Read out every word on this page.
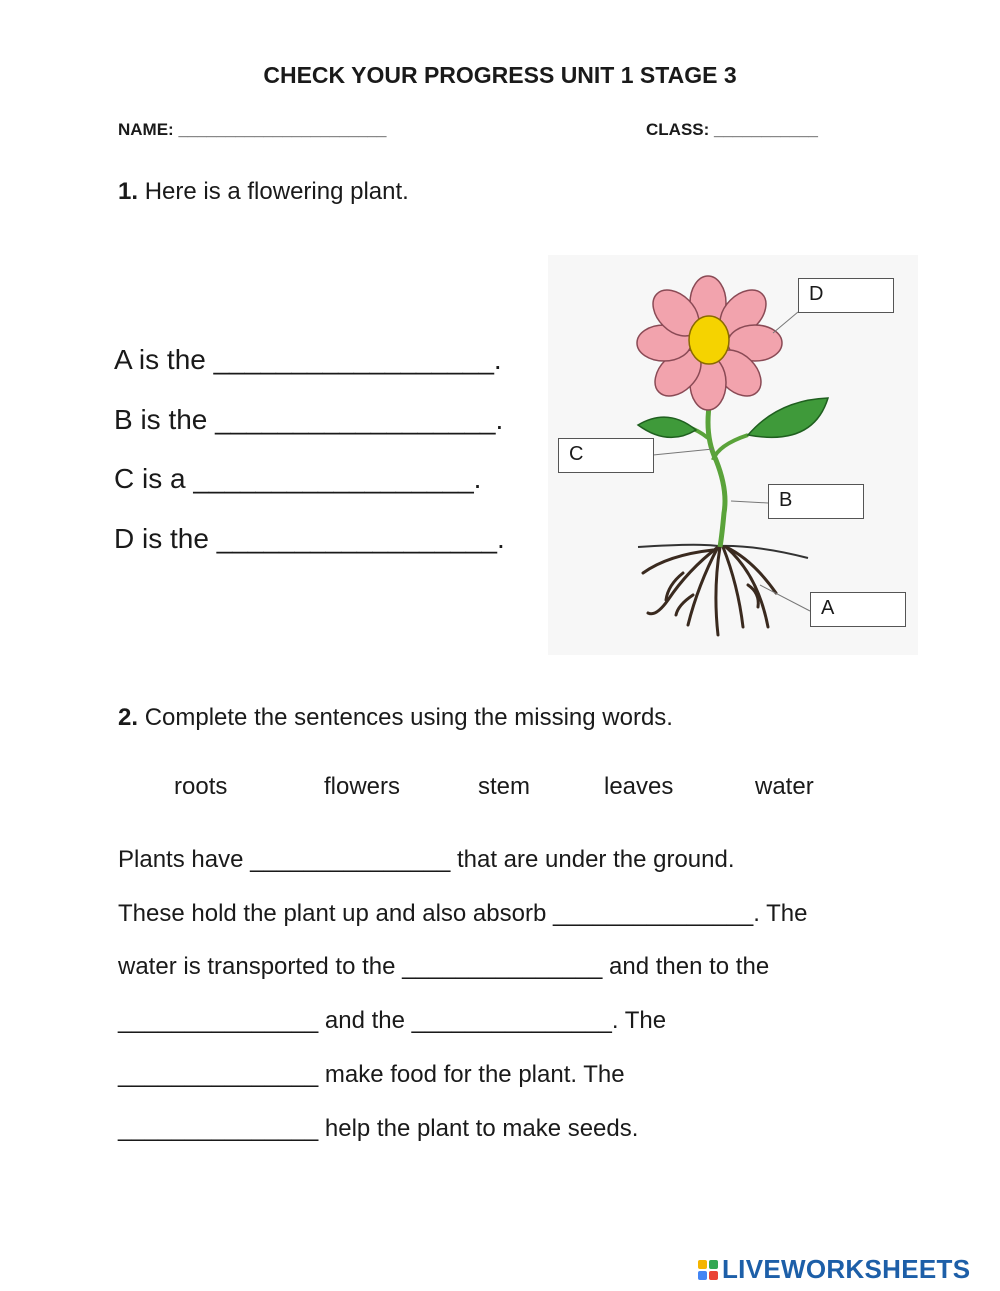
CHECK YOUR PROGRESS UNIT 1 STAGE 3
NAME: ______________________	CLASS: ___________
1. Here is a flowering plant.
A is the __________________.
B is the __________________.
C is a __________________.
D is the __________________.
D
C
B
A
2. Complete the sentences using the missing words.
roots	flowers	stem	leaves	water
Plants have _______________ that are under the ground.
These hold the plant up and also absorb _______________. The
water is transported to the _______________ and then to the
_______________ and the _______________. The
_______________ make food for the plant. The
_______________ help the plant to make seeds.
LIVEWORKSHEETS
